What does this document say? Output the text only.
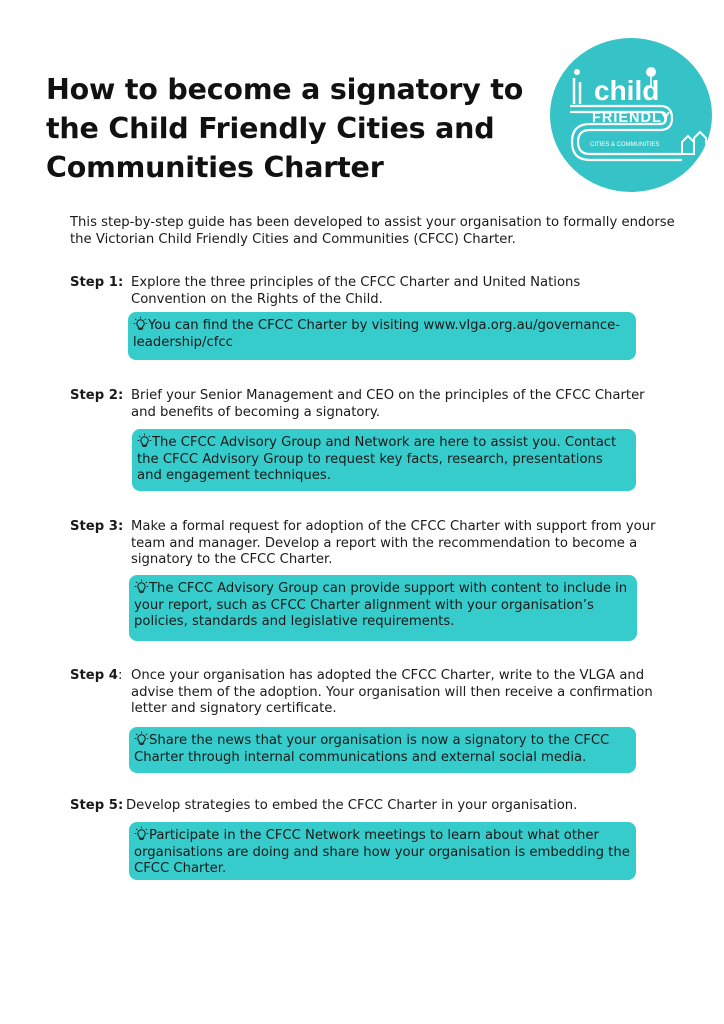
How to become a signatory to the Child Friendly Cities and Communities Charter
child
FRIENDLY
CITIES & COMMUNITIES

This step-by-step guide has been developed to assist your organisation to formally endorse the Victorian Child Friendly Cities and Communities (CFCC) Charter.

Step 1: Explore the three principles of the CFCC Charter and United Nations Convention on the Rights of the Child.
You can find the CFCC Charter by visiting www.vlga.org.au/governance-leadership/cfcc
Step 2: Brief your Senior Management and CEO on the principles of the CFCC Charter and benefits of becoming a signatory.
The CFCC Advisory Group and Network are here to assist you. Contact the CFCC Advisory Group to request key facts, research, presentations and engagement techniques.
Step 3: Make a formal request for adoption of the CFCC Charter with support from your team and manager. Develop a report with the recommendation to become a signatory to the CFCC Charter.
The CFCC Advisory Group can provide support with content to include in your report, such as CFCC Charter alignment with your organisation’s policies, standards and legislative requirements.
Step 4: Once your organisation has adopted the CFCC Charter, write to the VLGA and advise them of the adoption. Your organisation will then receive a confirmation letter and signatory certificate.
Share the news that your organisation is now a signatory to the CFCC Charter through internal communications and external social media.
Step 5: Develop strategies to embed the CFCC Charter in your organisation.
Participate in the CFCC Network meetings to learn about what other organisations are doing and share how your organisation is embedding the CFCC Charter.
